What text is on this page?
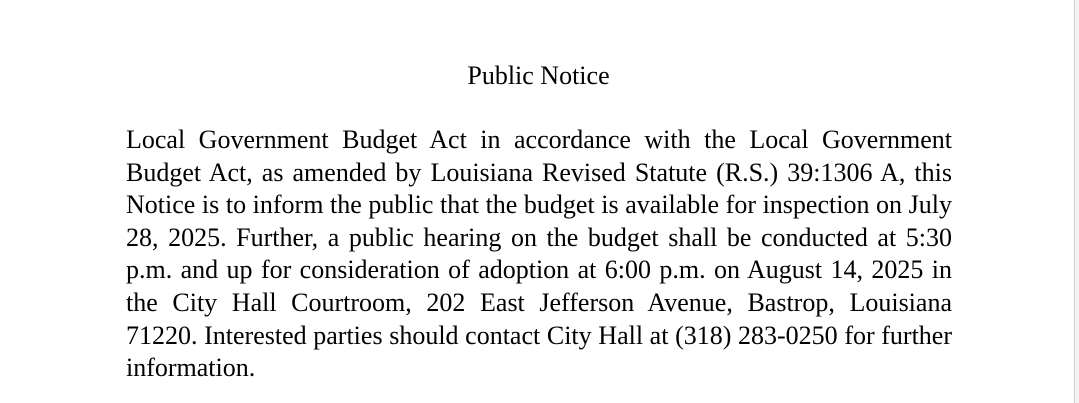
Public Notice
Local Government Budget Act in accordance with the Local Government Budget Act, as amended by Louisiana Revised Statute (R.S.) 39:1306 A, this Notice is to inform the public that the budget is available for inspection on July 28, 2025. Further, a public hearing on the budget shall be conducted at 5:30 p.m. and up for consideration of adoption at 6:00 p.m. on August 14, 2025 in the City Hall Courtroom, 202 East Jefferson Avenue, Bastrop, Louisiana 71220. Interested parties should contact City Hall at (318) 283-0250 for further information.
